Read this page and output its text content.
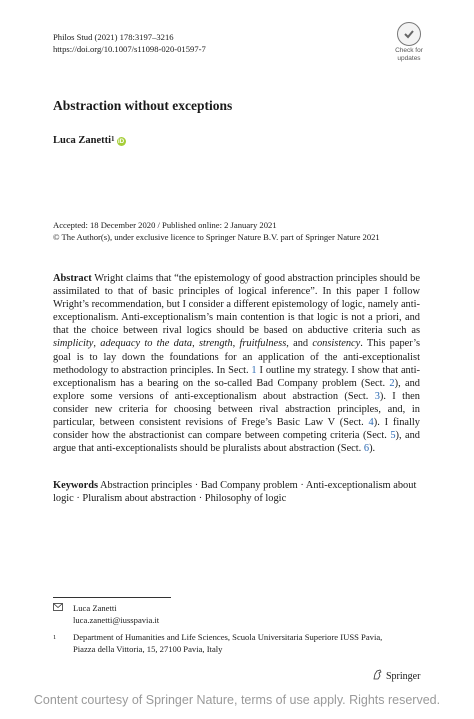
Philos Stud (2021) 178:3197–3216
https://doi.org/10.1007/s11098-020-01597-7	Check for
updates
Abstraction without exceptions
Luca Zanetti 1 iD
Accepted: 18 December 2020 / Published online: 2 January 2021
© The Author(s), under exclusive licence to Springer Nature B.V. part of Springer Nature 2021
Abstract Wright claims that “the epistemology of good abstraction principles should be assimilated to that of basic principles of logical inference”. In this paper I follow Wright’s recommendation, but I consider a different epistemology of logic, namely anti-exceptionalism. Anti-exceptionalism’s main contention is that logic is not a priori, and that the choice between rival logics should be based on abductive criteria such as simplicity, adequacy to the data, strength, fruitfulness, and consistency. This paper’s goal is to lay down the foundations for an application of the anti-exceptionalist methodology to abstraction principles. In Sect. 1 I outline my strategy. I show that anti-exceptionalism has a bearing on the so-called Bad Company problem (Sect. 2), and explore some versions of anti-exceptionalism about abstraction (Sect. 3). I then consider new criteria for choosing between rival abstraction principles, and, in particular, between consistent revisions of Frege’s Basic Law V (Sect. 4). I finally consider how the abstractionist can compare between competing criteria (Sect. 5), and argue that anti-exceptionalists should be pluralists about abstraction (Sect. 6).
Keywords Abstraction principles · Bad Company problem · Anti-exceptionalism about logic · Pluralism about abstraction · Philosophy of logic
Luca Zanetti
luca.zanetti@iusspavia.it
1	Department of Humanities and Life Sciences, Scuola Universitaria Superiore IUSS Pavia,
Piazza della Vittoria, 15, 27100 Pavia, Italy
Springer
Content courtesy of Springer Nature, terms of use apply. Rights reserved.
